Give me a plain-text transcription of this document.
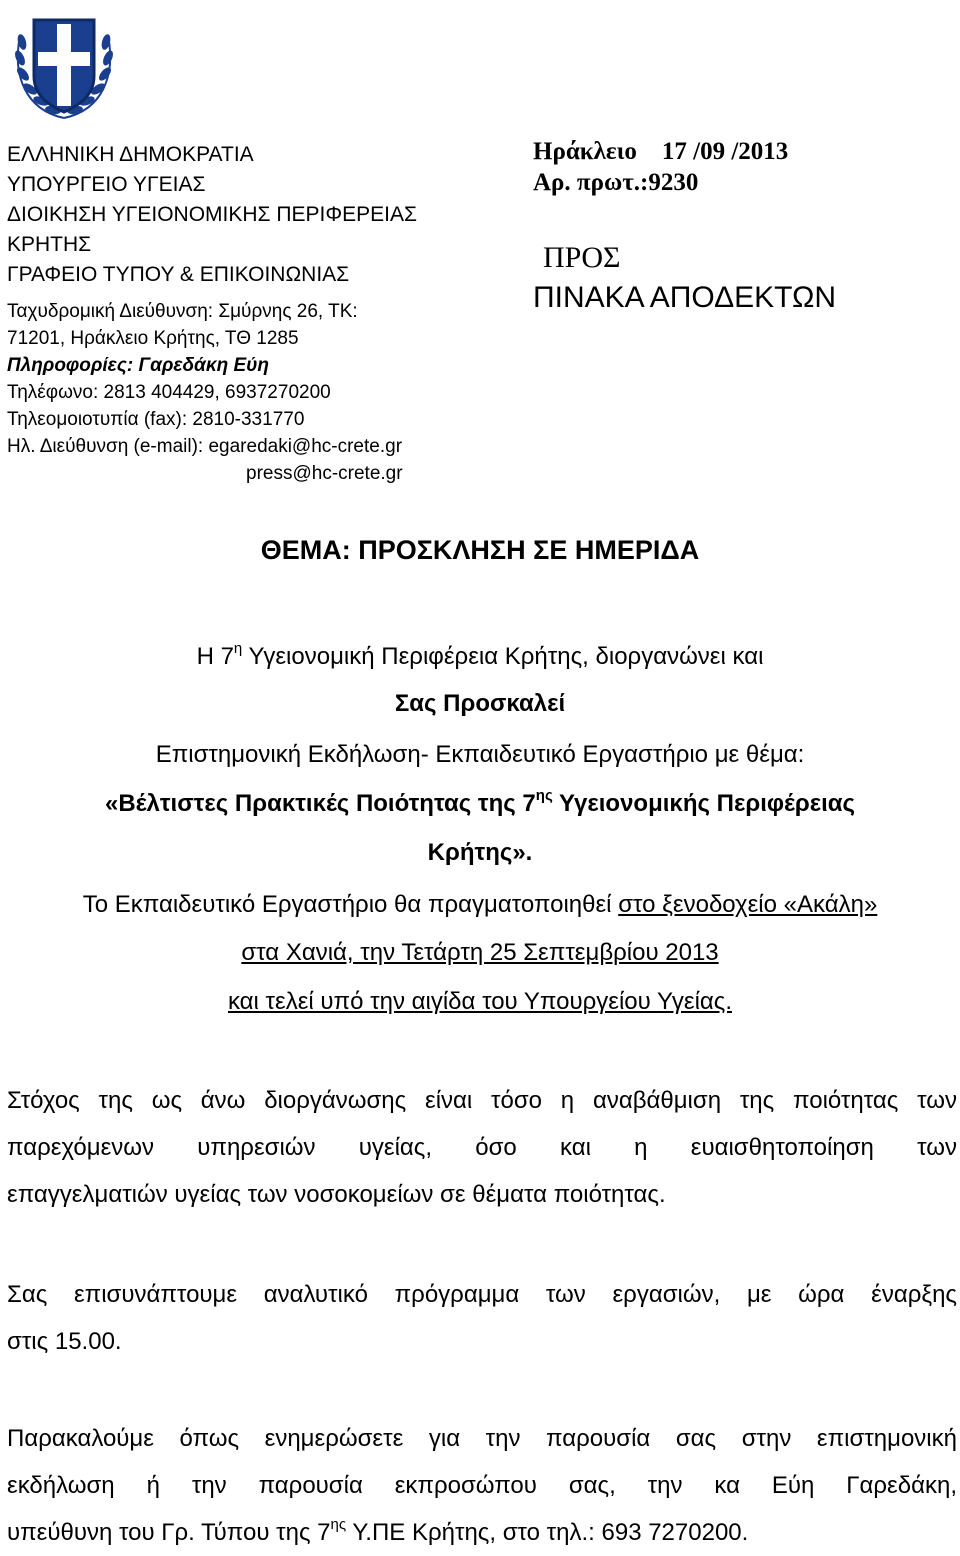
ΕΛΛΗΝΙΚΗ ΔΗΜΟΚΡΑΤΙΑ
ΥΠΟΥΡΓΕΙΟ ΥΓΕΙΑΣ
ΔΙΟΙΚΗΣΗ ΥΓΕΙΟΝΟΜΙΚΗΣ ΠΕΡΙΦΕΡΕΙΑΣ
ΚΡΗΤΗΣ
ΓΡΑΦΕΙΟ ΤΥΠΟΥ & ΕΠΙΚΟΙΝΩΝΙΑΣ
Ταχυδρομική Διεύθυνση: Σμύρνης 26, ΤΚ:
71201, Ηράκλειο Κρήτης, ΤΘ 1285
Πληροφορίες: Γαρεδάκη Εύη
Τηλέφωνο: 2813 404429, 6937270200
Τηλεομοιοτυπία (fax): 2810-331770
Ηλ. Διεύθυνση (e-mail): egaredaki@hc-crete.gr
press@hc-crete.gr
Ηράκλειο    17 /09 /2013
Αρ. πρωτ.:9230
ΠΡΟΣ
ΠΙΝΑΚΑ ΑΠΟΔΕΚΤΩΝ
ΘΕΜΑ: ΠΡΟΣΚΛΗΣΗ ΣΕ ΗΜΕΡΙΔΑ
Η $7^\eta$ Υγειονομική Περιφέρεια Κρήτης, διοργανώνει και
Σας Προσκαλεί
Επιστημονική Εκδήλωση- Εκπαιδευτικό Εργαστήριο με θέμα:
«Βέλτιστες Πρακτικές Ποιότητας της $7^{\eta\varsigma}$ Υγειονομικής Περιφέρειας
Κρήτης».
Το Εκπαιδευτικό Εργαστήριο θα πραγματοποιηθεί στο ξενοδοχείο «Ακάλη»
στα Χανιά, την Τετάρτη 25 Σεπτεμβρίου 2013
και τελεί υπό την αιγίδα του Υπουργείου Υγείας.
Στόχος της ως άνω διοργάνωσης είναι τόσο η αναβάθμιση της ποιότητας των
παρεχόμενων υπηρεσιών υγείας, όσο και η ευαισθητοποίηση των
επαγγελματιών υγείας των νοσοκομείων σε θέματα ποιότητας.
Σας επισυνάπτουμε αναλυτικό πρόγραμμα των εργασιών, με ώρα έναρξης
στις 15.00.
Παρακαλούμε όπως ενημερώσετε για την παρουσία σας στην επιστημονική
εκδήλωση ή την παρουσία εκπροσώπου σας, την κα Εύη Γαρεδάκη,
υπεύθυνη του Γρ. Τύπου της $7^{\eta\varsigma}$ Υ.ΠΕ Κρήτης, στο τηλ.: 693 7270200.
